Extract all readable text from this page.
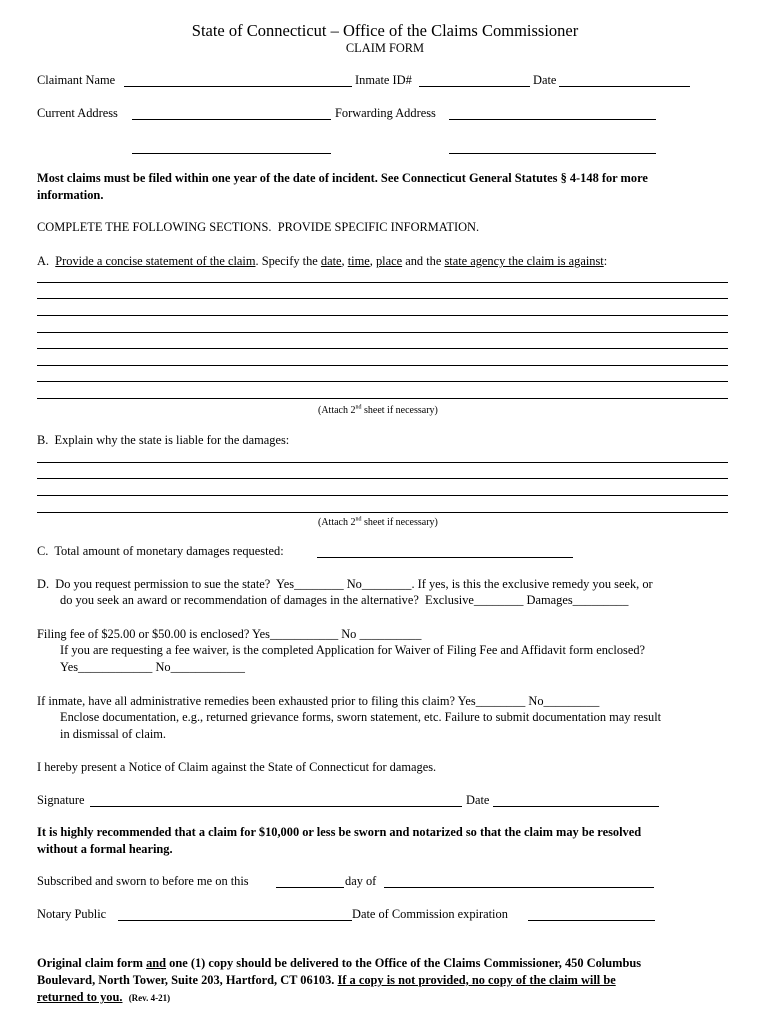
State of Connecticut – Office of the Claims Commissioner
CLAIM FORM
Claimant Name	Inmate ID#	Date
Current Address	Forwarding Address
Most claims must be filed within one year of the date of incident. See Connecticut General Statutes § 4-148 for more
information.
COMPLETE THE FOLLOWING SECTIONS.  PROVIDE SPECIFIC INFORMATION.
A. Provide a concise statement of the claim. Specify the date, time, place and the state agency the claim is against:
(Attach 2nd sheet if necessary)
B.  Explain why the state is liable for the damages:
(Attach 2nd sheet if necessary)
C.  Total amount of monetary damages requested:
D.  Do you request permission to sue the state?  Yes________ No________. If yes, is this the exclusive remedy you seek, or
do you seek an award or recommendation of damages in the alternative?  Exclusive________ Damages_________
Filing fee of $25.00 or $50.00 is enclosed? Yes___________ No __________
If you are requesting a fee waiver, is the completed Application for Waiver of Filing Fee and Affidavit form enclosed?
Yes____________ No____________
If inmate, have all administrative remedies been exhausted prior to filing this claim? Yes________ No_________
Enclose documentation, e.g., returned grievance forms, sworn statement, etc. Failure to submit documentation may result
in dismissal of claim.
I hereby present a Notice of Claim against the State of Connecticut for damages.
Signature	Date
It is highly recommended that a claim for $10,000 or less be sworn and notarized so that the claim may be resolved
without a formal hearing.
Subscribed and sworn to before me on this	day of
Notary Public	Date of Commission expiration
Original claim form and one (1) copy should be delivered to the Office of the Claims Commissioner, 450 Columbus
Boulevard, North Tower, Suite 203, Hartford, CT 06103. If a copy is not provided, no copy of the claim will be
returned to you. (Rev. 4-21)
